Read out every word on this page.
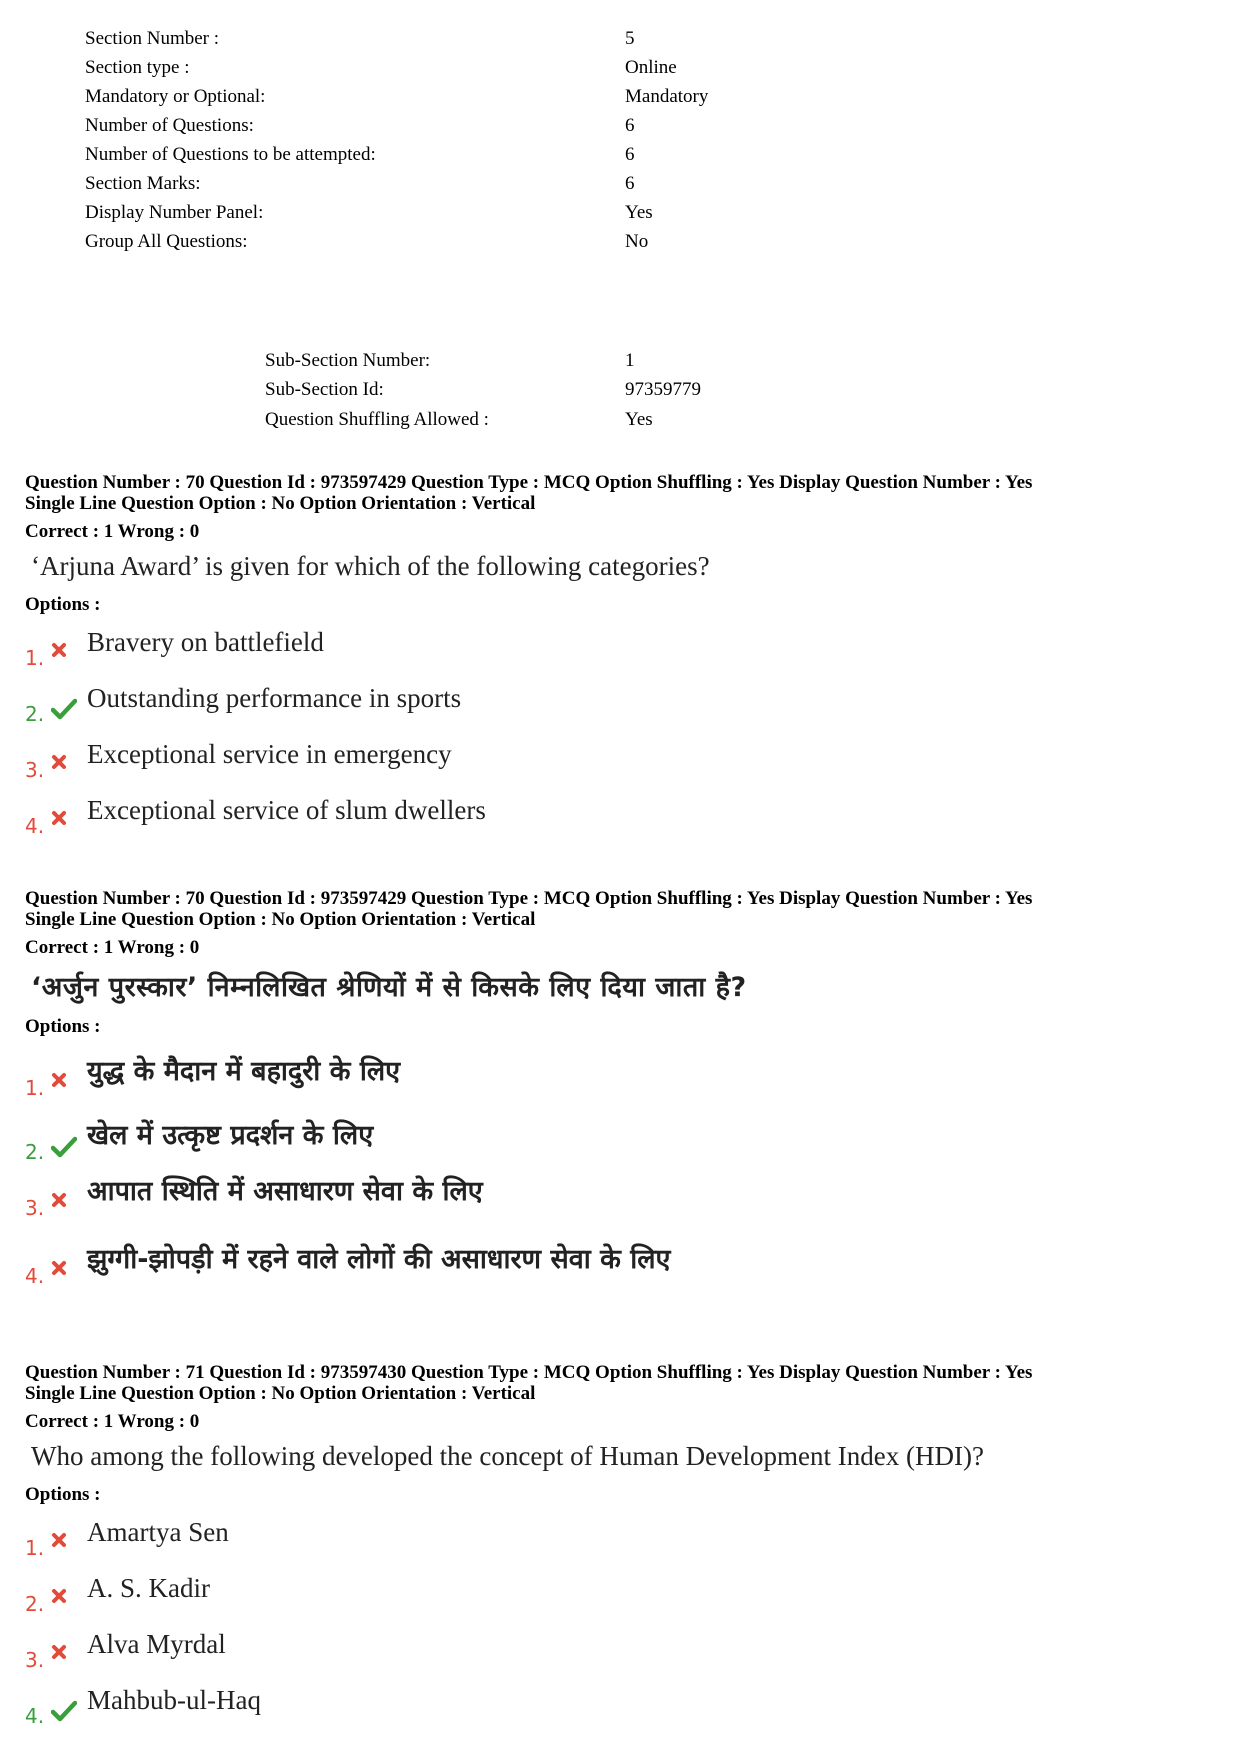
Section Number :	5
Section type :	Online
Mandatory or Optional:	Mandatory
Number of Questions:	6
Number of Questions to be attempted:	6
Section Marks:	6
Display Number Panel:	Yes
Group All Questions:	No
Sub-Section Number:	1
Sub-Section Id:	97359779
Question Shuffling Allowed :	Yes
Question Number : 70 Question Id : 973597429 Question Type : MCQ Option Shuffling : Yes Display Question Number : Yes
Single Line Question Option : No Option Orientation : Vertical
Correct : 1 Wrong : 0
‘Arjuna Award’ is given for which of the following categories?
Options :
1.
Bravery on battlefield
2.
Outstanding performance in sports
3.
Exceptional service in emergency
4.
Exceptional service of slum dwellers
Question Number : 70 Question Id : 973597429 Question Type : MCQ Option Shuffling : Yes Display Question Number : Yes
Single Line Question Option : No Option Orientation : Vertical
Correct : 1 Wrong : 0
‘अर्जुन पुरस्कार’ निम्नलिखित श्रेणियों में से किसके लिए दिया जाता है?
Options :
1.
युद्ध के मैदान में बहादुरी के लिए
2.
खेल में उत्कृष्ट प्रदर्शन के लिए
3.
आपात स्थिति में असाधारण सेवा के लिए
4.
झुग्गी-झोपड़ी में रहने वाले लोगों की असाधारण सेवा के लिए
Question Number : 71 Question Id : 973597430 Question Type : MCQ Option Shuffling : Yes Display Question Number : Yes
Single Line Question Option : No Option Orientation : Vertical
Correct : 1 Wrong : 0
Who among the following developed the concept of Human Development Index (HDI)?
Options :
1.
Amartya Sen
2.
A. S. Kadir
3.
Alva Myrdal
4.
Mahbub-ul-Haq
